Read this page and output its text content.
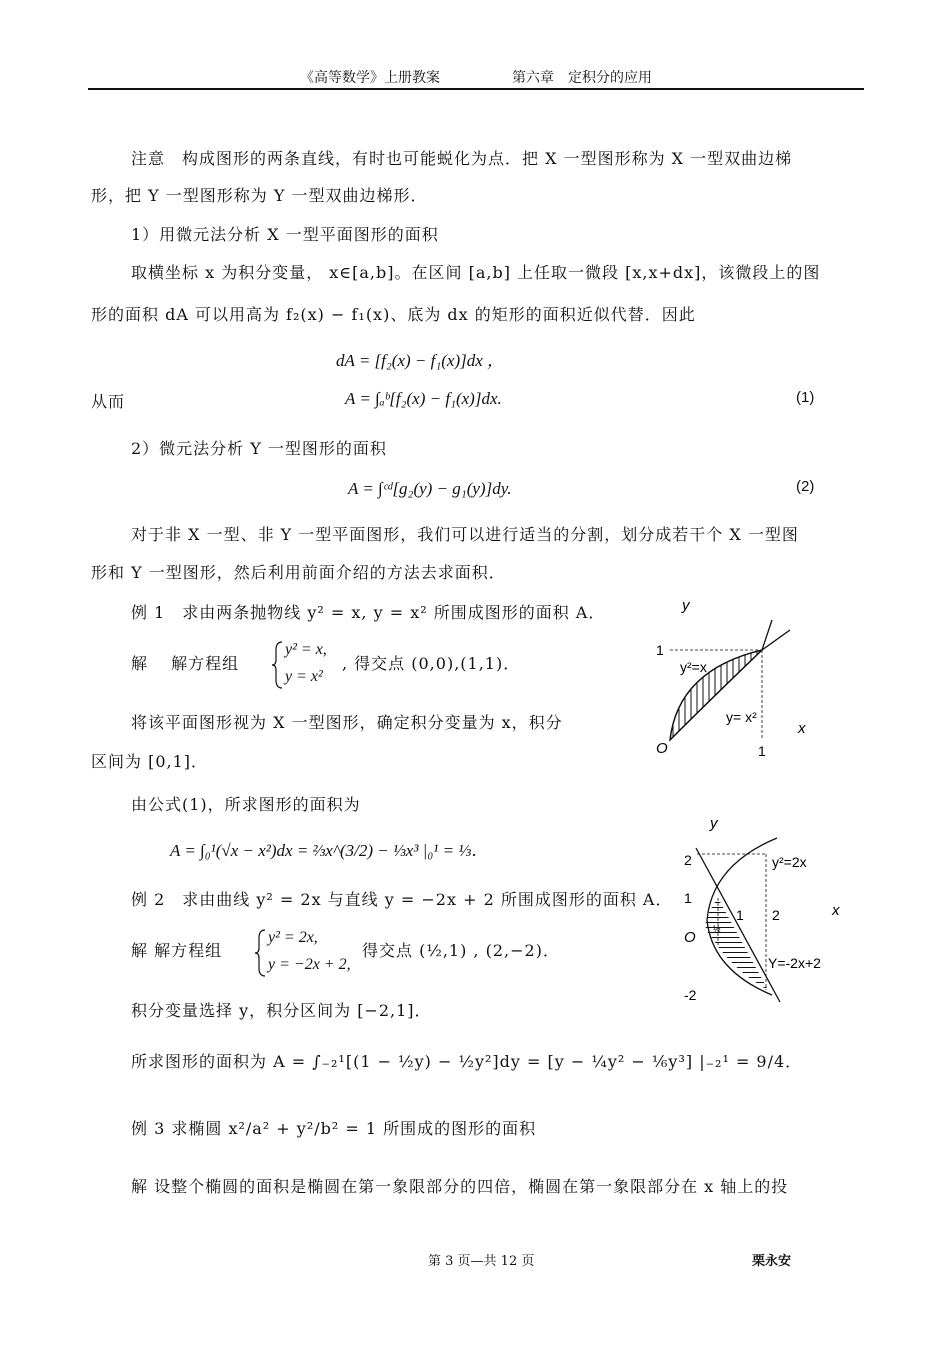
《高等数学》上册教案	第六章　定积分的应用
注意　构成图形的两条直线，有时也可能蜕化为点．把 X 一型图形称为 X 一型双曲边梯
形，把 Y 一型图形称为 Y 一型双曲边梯形．
1）用微元法分析 X 一型平面图形的面积
取横坐标 x 为积分变量， x∈[a,b]。在区间 [a,b] 上任取一微段 [x,x+dx]，该微段上的图
形的面积 dA 可以用高为 f₂(x) − f₁(x)、底为 dx 的矩形的面积近似代替．因此
dA = [f₂(x) − f₁(x)]dx ，
从而	A = ∫ₐᵇ[f₂(x) − f₁(x)]dx.	(1)
2）微元法分析 Y 一型图形的面积
A = ∫ᶜᵈ[g₂(y) − g₁(y)]dy.	(2)
对于非 X 一型、非 Y 一型平面图形，我们可以进行适当的分割，划分成若干个 X 一型图
形和 Y 一型图形，然后利用前面介绍的方法去求面积．
例 1　求由两条抛物线 y² = x, y = x² 所围成图形的面积 A．
解　 解方程组
y² = x,
y = x²
, 得交点 (0,0),(1,1)．
将该平面图形视为 X 一型图形，确定积分变量为 x，积分
区间为 [0,1]．
由公式(1)，所求图形的面积为
A = ∫₀¹(√x − x²)dx = ⅔x^(3/2) − ⅓x³ |₀¹ = ⅓．
y
x
O	1
1
y²=x
y= x²
例 2　求由曲线 y² = 2x 与直线 y = −2x + 2 所围成图形的面积 A．
解 解方程组
y² = 2x,
y = −2x + 2,
得交点 (½,1) , (2,−2)．
积分变量选择 y，积分区间为 [−2,1]．
所求图形的面积为 A = ∫₋₂¹[(1 − ½y) − ½y²]dy = [y − ¼y² − ⅙y³] |₋₂¹ = 9/4．
y
x
O
2
1
-2
1 2
½
y²=2x
Y=-2x+2
例 3 求椭圆 x²/a² + y²/b² = 1 所围成的图形的面积
解 设整个椭圆的面积是椭圆在第一象限部分的四倍，椭圆在第一象限部分在 x 轴上的投
第 3 页—共 12 页	栗永安
